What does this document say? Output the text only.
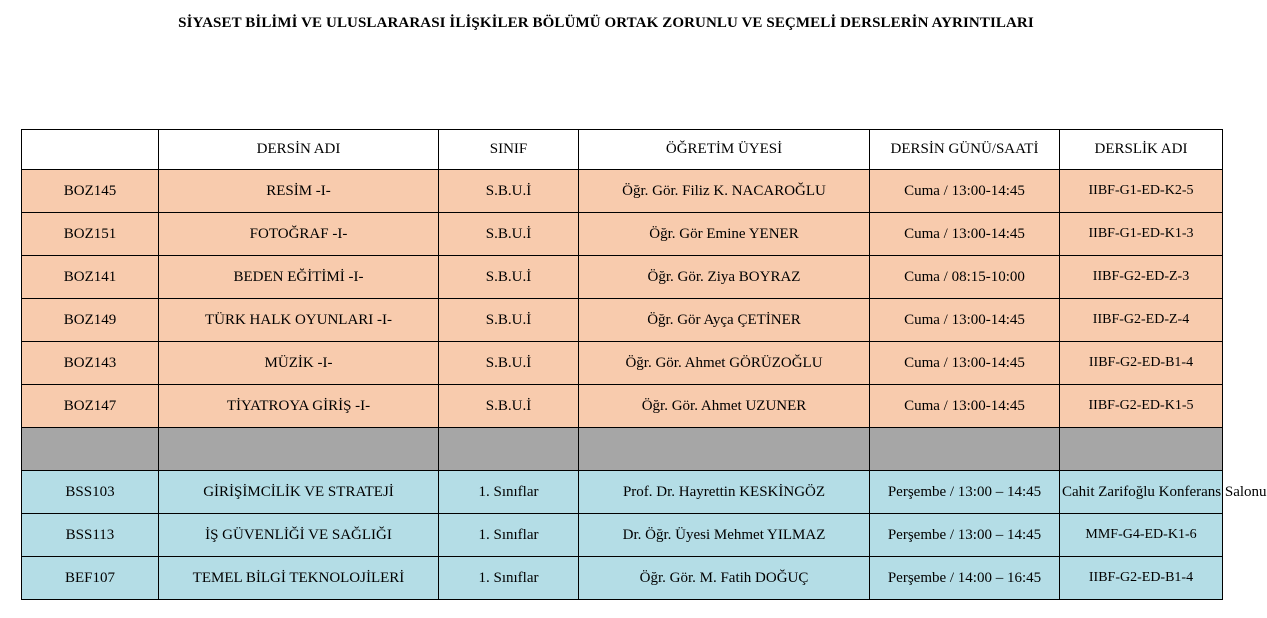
SİYASET BİLİMİ VE ULUSLARARASI İLİŞKİLER BÖLÜMÜ ORTAK ZORUNLU VE SEÇMELİ DERSLERİN AYRINTILARI
	DERSİN ADI	SINIF	ÖĞRETİM ÜYESİ	DERSİN GÜNÜ/SAATİ	DERSLİK ADI
BOZ145	RESİM -I-	S.B.U.İ	Öğr. Gör. Filiz K. NACAROĞLU	Cuma / 13:00-14:45	IIBF-G1-ED-K2-5
BOZ151	FOTOĞRAF -I-	S.B.U.İ	Öğr. Gör Emine YENER	Cuma / 13:00-14:45	IIBF-G1-ED-K1-3
BOZ141	BEDEN EĞİTİMİ -I-	S.B.U.İ	Öğr. Gör. Ziya BOYRAZ	Cuma / 08:15-10:00	IIBF-G2-ED-Z-3
BOZ149	TÜRK HALK OYUNLARI -I-	S.B.U.İ	Öğr. Gör Ayça ÇETİNER	Cuma / 13:00-14:45	IIBF-G2-ED-Z-4
BOZ143	MÜZİK -I-	S.B.U.İ	Öğr. Gör. Ahmet GÖRÜZOĞLU	Cuma / 13:00-14:45	IIBF-G2-ED-B1-4
BOZ147	TİYATROYA GİRİŞ -I-	S.B.U.İ	Öğr. Gör. Ahmet UZUNER	Cuma / 13:00-14:45	IIBF-G2-ED-K1-5

BSS103	GİRİŞİMCİLİK VE STRATEJİ	1. Sınıflar	Prof. Dr. Hayrettin KESKİNGÖZ	Perşembe / 13:00 – 14:45	Cahit Zarifoğlu Konferans Salonu
BSS113	İŞ GÜVENLİĞİ VE SAĞLIĞI	1. Sınıflar	Dr. Öğr. Üyesi Mehmet YILMAZ	Perşembe / 13:00 – 14:45	MMF-G4-ED-K1-6
BEF107	TEMEL BİLGİ TEKNOLOJİLERİ	1. Sınıflar	Öğr. Gör. M. Fatih DOĞUÇ	Perşembe / 14:00 – 16:45	IIBF-G2-ED-B1-4
